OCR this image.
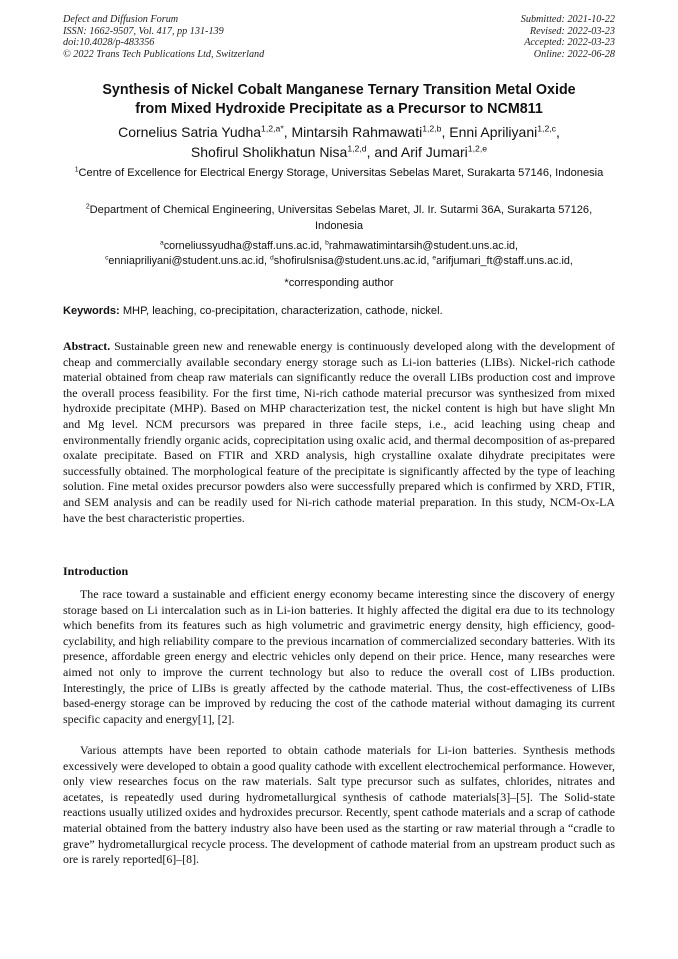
Defect and Diffusion Forum
ISSN: 1662-9507, Vol. 417, pp 131-139
doi:10.4028/p-483356
© 2022 Trans Tech Publications Ltd, Switzerland
Submitted: 2021-10-22
Revised: 2022-03-23
Accepted: 2022-03-23
Online: 2022-06-28
Synthesis of Nickel Cobalt Manganese Ternary Transition Metal Oxide
from Mixed Hydroxide Precipitate as a Precursor to NCM811
Cornelius Satria Yudha$^{1,2,a*}$, Mintarsih Rahmawati$^{1,2,b}$, Enni Apriliyani$^{1,2,c}$,
Shofirul Sholikhatun Nisa$^{1,2,d}$, and Arif Jumari$^{1,2,e}$
$^1$Centre of Excellence for Electrical Energy Storage, Universitas Sebelas Maret, Surakarta 57146, Indonesia
$^2$Department of Chemical Engineering, Universitas Sebelas Maret, Jl. Ir. Sutarmi 36A, Surakarta 57126, Indonesia
$^a$corneliussyudha@staff.uns.ac.id, $^b$rahmawatimintarsih@student.uns.ac.id,
$^c$enniapriliyani@student.uns.ac.id, $^d$shofirulsnisa@student.uns.ac.id, $^e$arifjumari_ft@staff.uns.ac.id,
*corresponding author
Keywords: MHP, leaching, co-precipitation, characterization, cathode, nickel.
Abstract. Sustainable green new and renewable energy is continuously developed along with the development of cheap and commercially available secondary energy storage such as Li-ion batteries (LIBs). Nickel-rich cathode material obtained from cheap raw materials can significantly reduce the overall LIBs production cost and improve the overall process feasibility. For the first time, Ni-rich cathode material precursor was synthesized from mixed hydroxide precipitate (MHP). Based on MHP characterization test, the nickel content is high but have slight Mn and Mg level. NCM precursors was prepared in three facile steps, i.e., acid leaching using cheap and environmentally friendly organic acids, coprecipitation using oxalic acid, and thermal decomposition of as-prepared oxalate precipitate. Based on FTIR and XRD analysis, high crystalline oxalate dihydrate precipitates were successfully obtained. The morphological feature of the precipitate is significantly affected by the type of leaching solution. Fine metal oxides precursor powders also were successfully prepared which is confirmed by XRD, FTIR, and SEM analysis and can be readily used for Ni-rich cathode material preparation. In this study, NCM-Ox-LA have the best characteristic properties.
Introduction
The race toward a sustainable and efficient energy economy became interesting since the discovery of energy storage based on Li intercalation such as in Li-ion batteries. It highly affected the digital era due to its technology which benefits from its features such as high volumetric and gravimetric energy density, high efficiency, good-cyclability, and high reliability compare to the previous incarnation of commercialized secondary batteries. With its presence, affordable green energy and electric vehicles only depend on their price. Hence, many researches were aimed not only to improve the current technology but also to reduce the overall cost of LIBs production. Interestingly, the price of LIBs is greatly affected by the cathode material. Thus, the cost-effectiveness of LIBs based-energy storage can be improved by reducing the cost of the cathode material without damaging its current specific capacity and energy[1], [2].
Various attempts have been reported to obtain cathode materials for Li-ion batteries. Synthesis methods excessively were developed to obtain a good quality cathode with excellent electrochemical performance. However, only view researches focus on the raw materials. Salt type precursor such as sulfates, chlorides, nitrates and acetates, is repeatedly used during hydrometallurgical synthesis of cathode materials[3]–[5]. The Solid-state reactions usually utilized oxides and hydroxides precursor. Recently, spent cathode materials and a scrap of cathode material obtained from the battery industry also have been used as the starting or raw material through a “cradle to grave” hydrometallurgical recycle process. The development of cathode material from an upstream product such as ore is rarely reported[6]–[8].
